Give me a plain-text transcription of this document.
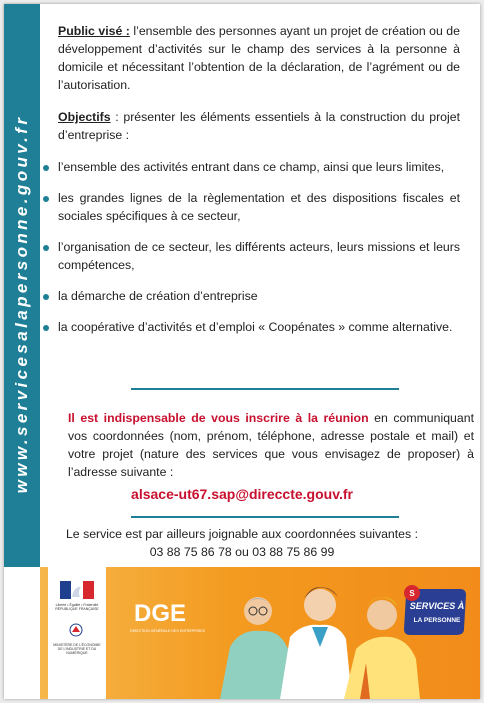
www.servicesalapersonne.gouv.fr

Public visé : l’ensemble des personnes ayant un projet de création ou de développement d’activités sur le champ des services à la personne à domicile et nécessitant l’obtention de la déclaration, de l’agrément ou de l’autorisation.

Objectifs : présenter les éléments essentiels à la construction du projet d’entreprise :

l’ensemble des activités entrant dans ce champ, ainsi que leurs limites,
les grandes lignes de la règlementation et des dispositions fiscales et sociales spécifiques à ce secteur,
l’organisation de ce secteur, les différents acteurs, leurs missions et leurs compétences,
la démarche de création d’entreprise
la coopérative d’activités et d’emploi « Coopénates » comme alternative.

Il est indispensable de vous inscrire à la réunion en communiquant vos coordonnées (nom, prénom, téléphone, adresse postale et mail) et votre projet (nature des services que vous envisagez de proposer) à l’adresse suivante :

alsace-ut67.sap@direccte.gouv.fr
Le service est par ailleurs joignable aux coordonnées suivantes :
03 88 75 86 78 ou 03 88 75 86 99
Liberté • Égalité • Fraternité RÉPUBLIQUE FRANÇAISE
MINISTÈRE DE L’ÉCONOMIE DE L’INDUSTRIE ET DU NUMÉRIQUE
DGE
DIRECTION GÉNÉRALE DES ENTREPRISES
S
SERVICES À
LA PERSONNE
